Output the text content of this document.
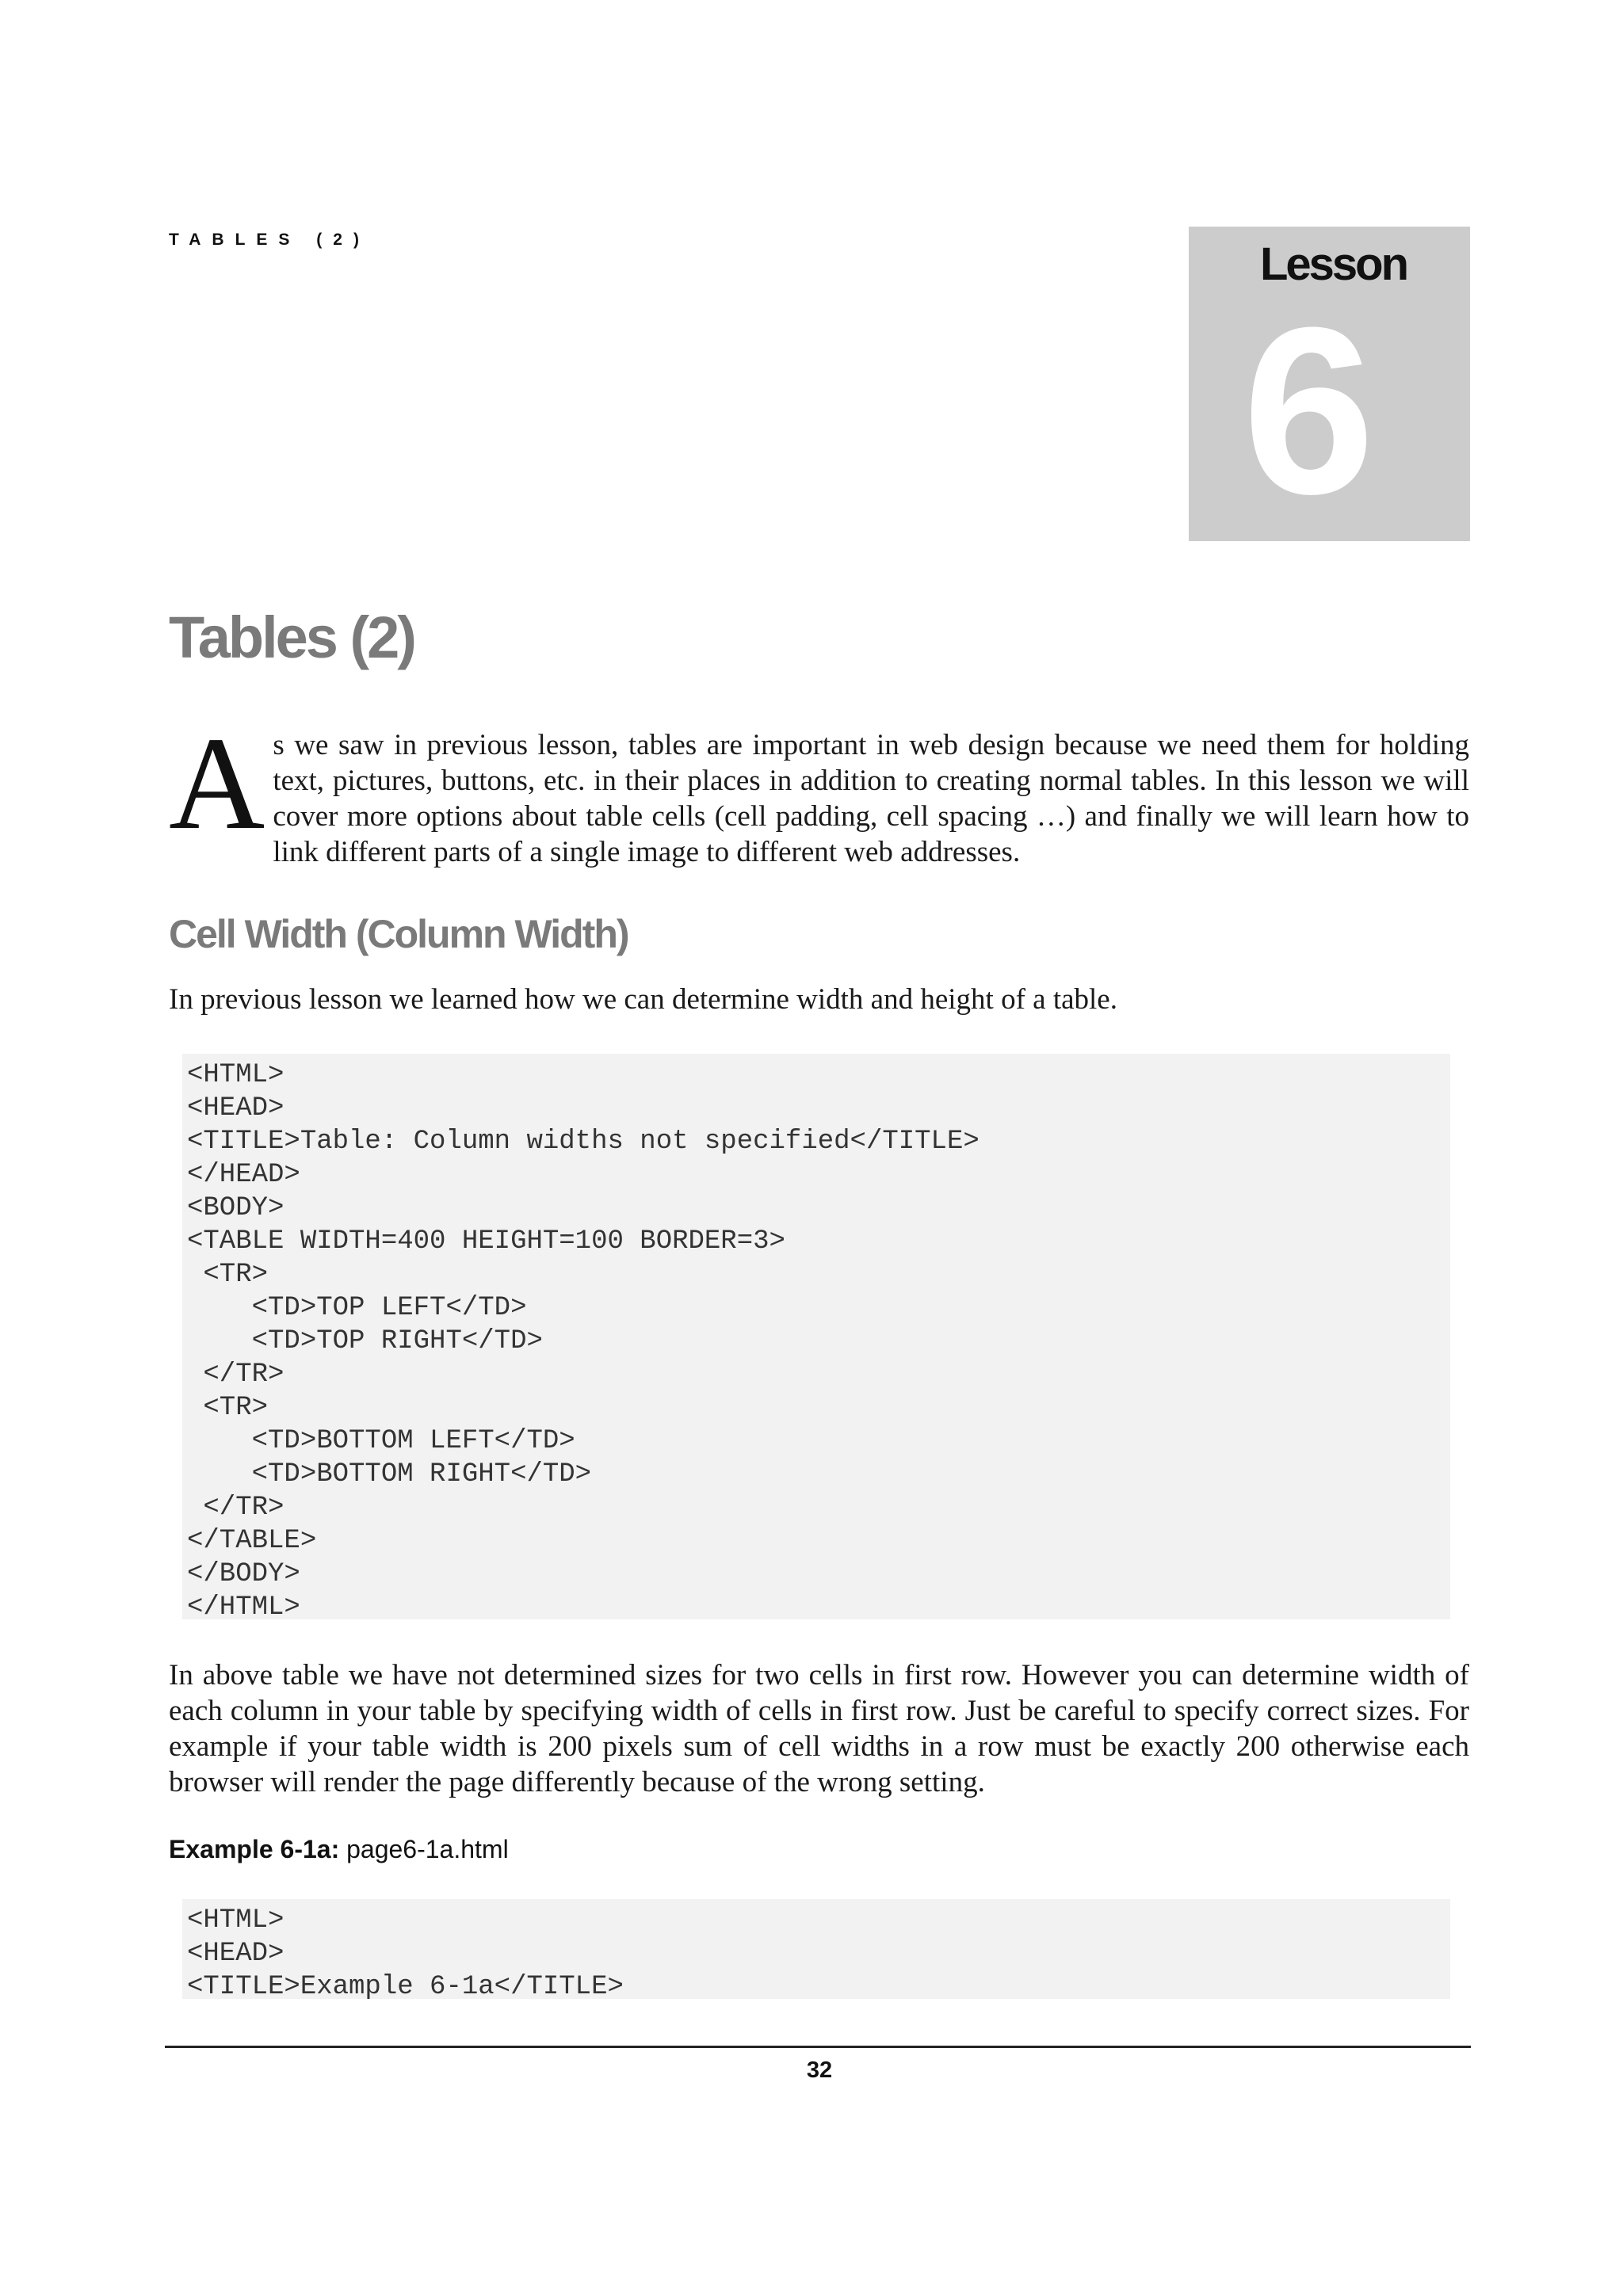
TABLES (2)	Lesson
6
Tables (2)
A s we saw in previous lesson, tables are important in web design because we need them for holding text, pictures, buttons, etc. in their places in addition to creating normal tables. In this lesson we will cover more options about table cells (cell padding, cell spacing …) and finally we will learn how to link different parts of a single image to different web addresses.

Cell Width (Column Width)

In previous lesson we learned how we can determine width and height of a table.

<HTML>
<HEAD>
<TITLE>Table: Column widths not specified</TITLE>
</HEAD>
<BODY>
<TABLE WIDTH=400 HEIGHT=100 BORDER=3>
<TR>
<TD>TOP LEFT</TD>
<TD>TOP RIGHT</TD>
</TR>
<TR>
<TD>BOTTOM LEFT</TD>
<TD>BOTTOM RIGHT</TD>
</TR>
</TABLE>
</BODY>
</HTML>

In above table we have not determined sizes for two cells in first row. However you can determine width of each column in your table by specifying width of cells in first row. Just be careful to specify correct sizes. For example if your table width is 200 pixels sum of cell widths in a row must be exactly 200 otherwise each browser will render the page differently because of the wrong setting.

Example 6-1a: page6-1a.html
<HTML>
<HEAD>
<TITLE>Example 6-1a</TITLE>
32
